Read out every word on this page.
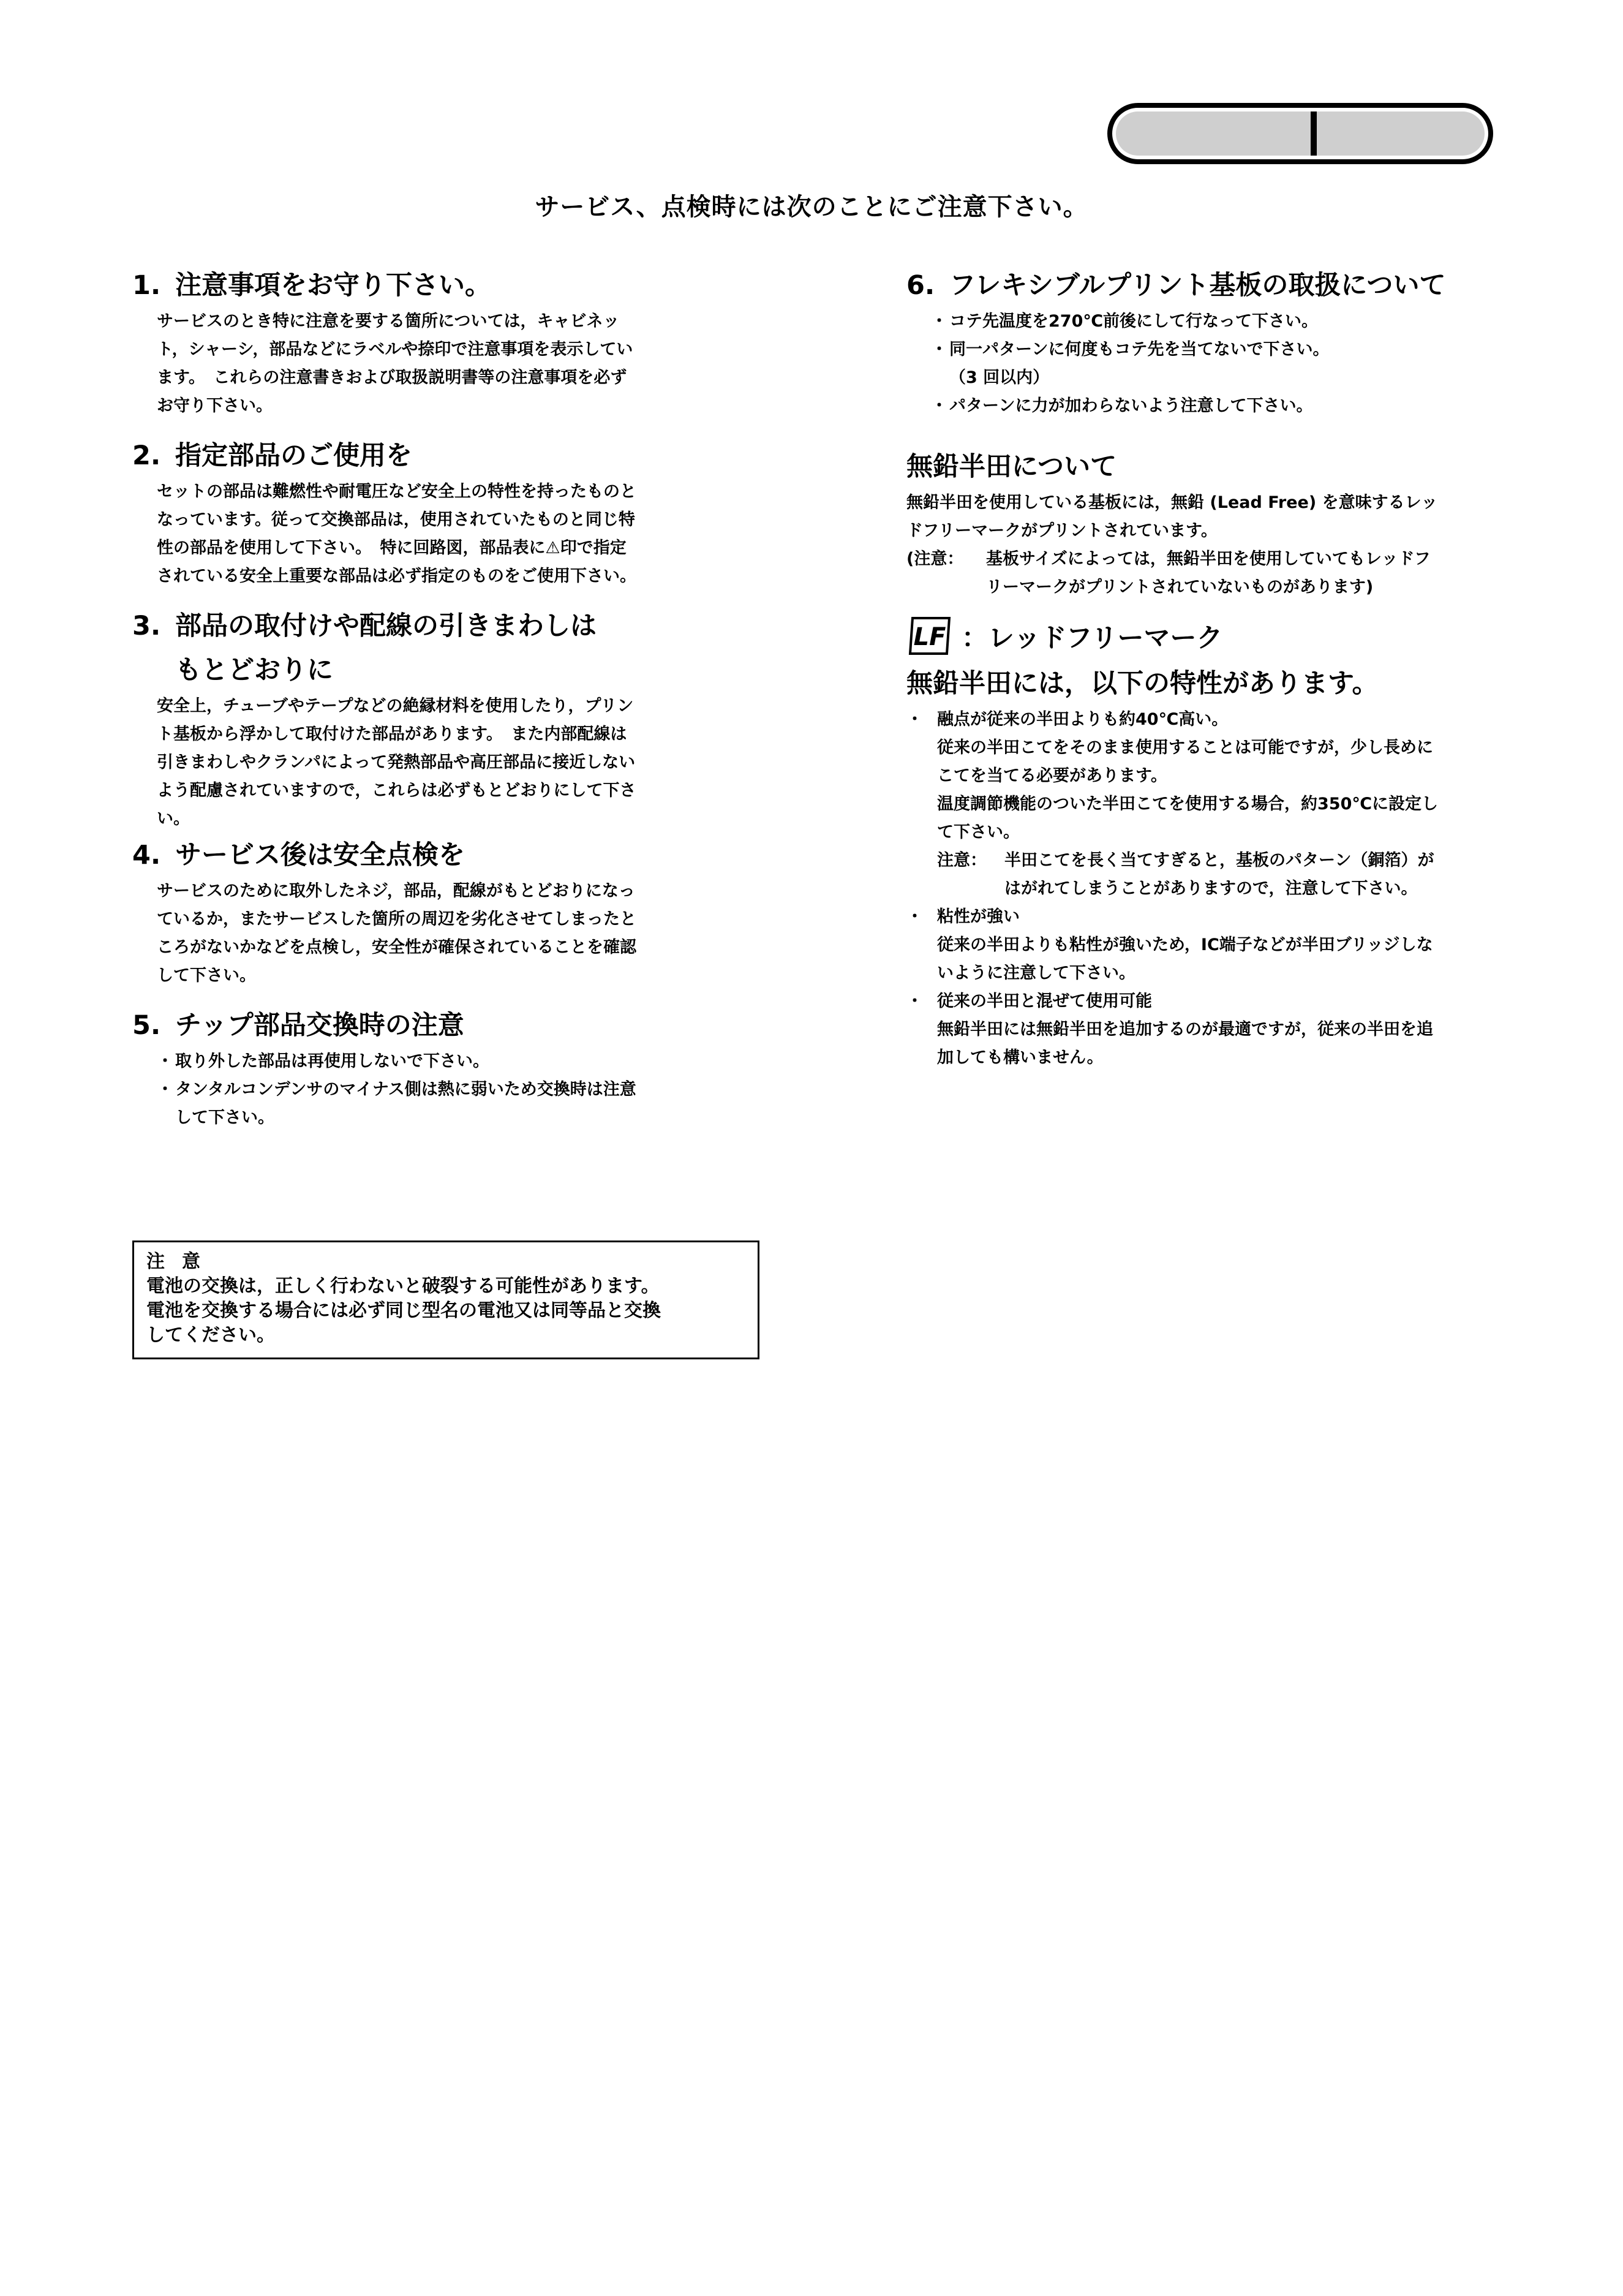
サービス、点検時には次のことにご注意下さい。
1. 注意事項をお守り下さい。
サービスのとき特に注意を要する箇所については，キャビネッ
ト，シャーシ，部品などにラベルや捺印で注意事項を表示してい
ます。　これらの注意書きおよび取扱説明書等の注意事項を必ず
お守り下さい。
2. 指定部品のご使用を
セットの部品は難燃性や耐電圧など安全上の特性を持ったものと
なっています。従って交換部品は，使用されていたものと同じ特
性の部品を使用して下さい。　特に回路図，部品表に⚠印で指定
されている安全上重要な部品は必ず指定のものをご使用下さい。
3. 部品の取付けや配線の引きまわしは
もとどおりに
安全上，チューブやテープなどの絶縁材料を使用したり，プリン
ト基板から浮かして取付けた部品があります。　また内部配線は
引きまわしやクランパによって発熱部品や高圧部品に接近しない
よう配慮されていますので，これらは必ずもとどおりにして下さ
い。
4. サービス後は安全点検を
サービスのために取外したネジ，部品，配線がもとどおりになっ
ているか，またサービスした箇所の周辺を劣化させてしまったと
ころがないかなどを点検し，安全性が確保されていることを確認
して下さい。
5. チップ部品交換時の注意
・ 取り外した部品は再使用しないで下さい。
・ タンタルコンデンサのマイナス側は熱に弱いため交換時は注意
して下さい。
6. フレキシブルプリント基板の取扱について
・ コテ先温度を270℃前後にして行なって下さい。
・ 同一パターンに何度もコテ先を当てないで下さい。
（3 回以内）
・ パターンに力が加わらないよう注意して下さい。
無鉛半田について
無鉛半田を使用している基板には，無鉛 (Lead Free) を意味するレッ
ドフリーマークがプリントされています。
(注意：	基板サイズによっては，無鉛半田を使用していてもレッドフ
リーマークがプリントされていないものがあります)
LF ：レッドフリーマーク
無鉛半田には，以下の特性があります。
・ 融点が従来の半田よりも約40℃高い。
従来の半田こてをそのまま使用することは可能ですが，少し長めに
こてを当てる必要があります。
温度調節機能のついた半田こてを使用する場合，約350℃に設定し
て下さい。
注意：	半田こてを長く当てすぎると，基板のパターン（銅箔）が
はがれてしまうことがありますので，注意して下さい。
・ 粘性が強い
従来の半田よりも粘性が強いため，IC端子などが半田ブリッジしな
いように注意して下さい。
・ 従来の半田と混ぜて使用可能
無鉛半田には無鉛半田を追加するのが最適ですが，従来の半田を追
加しても構いません。
注意
電池の交換は，正しく行わないと破裂する可能性があります。
電池を交換する場合には必ず同じ型名の電池又は同等品と交換
してください。
